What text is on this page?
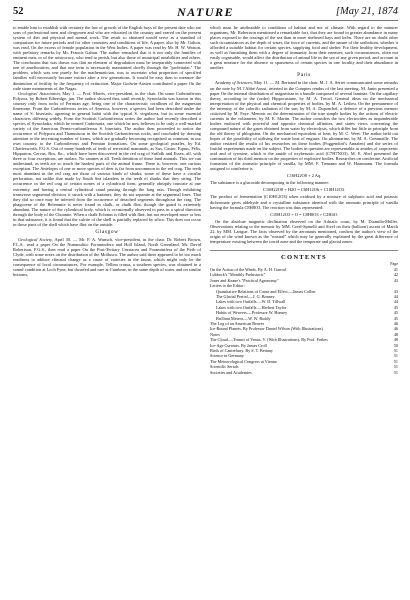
52	NATURE	[May 21, 1874

to enable him to establish with certainty the law of growth of the English boys of the present date who are sons of professional men and clergymen and who are educated in the country and reared on the present system of diet and physical and mental work. The result so obtained would serve as a standard of comparison for future periods and for other countries and conditions of life. A paper, also by Mr. Galton, was read, On the excess of female population in the West Indies. A paper was read by Mr. H. W. Watson, with prefatory remarks by Mr. Francis Galton. The author remarked that it is not only the families of eminent men, or of the aristocracy, who tend to perish, but also those of municipal notabilities and others. The conclusion that was drawn was that an element of degradation must be inseparably connected with one of amelioration, and that one term is necessarily maintained chiefly through the "proletariat." The problem, which was one purely for the mathematician, was to ascertain what proportion of specified families will necessarily become extinct after a few generations. It would be easy then to measure the diminution of fertility by the frequency of extinction. Major Godwin-Austen contributed a paper On the rude stone monuments of the Nagas.

Geologists' Association, May 1. — Prof. Morris, vice-president, in the chair. On some Carboniferous Polyzoa, by Robert Etheridge, jun. The author showed that, until recently, Synocladia was known in this country only from rocks of Permian age, being one of the characteristic corallines of the magnesian limestone. From the Carboniferous series of America, however, a species had been described under the name of S. biseriaiis, agreeing in general habit with the typical S. virgulacea, but in some essential characters differing widely. From the Scottish Carboniferous series the author had recently described a species of Synocladia, which he termed Carbonaria, one which he now believes to be only a well-marked variety of the American Permo-carboniferous S. biseriaiis. The author then proceeded to notice the occurrence of Polypora and Thamniscus in the Scottish Carboniferous rocks, and concluded by drawing attention to the increasing number of forms, which are gradually becoming recognised as common, in our own country, to the Carboniferous and Permian formations. On some geological puzzles, by Ed. Charlesworth, F.G.S. Out of many hundreds of teeth of terrestrial mammals, as Sus, Castor, Equus, Felis, Hipparion, Cervus, Bos, &c., which have been discovered in the red crag of Suffolk and Essex, all, with three or four exceptions, are molars. No canines at all. Teeth dentition of these land animals. This we can understand, as teeth are so much the hardest parts of the animal frame. There is, however, one curious exception. The Antelopes of one or more species of deer is far from uncommon in the red crag. The teeth most abundant in the red crag are those of various kinds of sharks; some of these have a circular perforation, not unlike that made by South Sea islanders in the teeth of sharks that they string. The occurrence in the red crag of certain stones of a cylindrical form, generally abruptly truncate at one extremity, and having a central cylindrical canal passing through the long axis. Though exhibiting transverse segmental division, it struck with a hammer, they do not separate at the segmental lines. That they did so once may be inferred from the occurrence of detached segments throughout the crag. The phagocene of the Belemnite is never found in chalk, or chalk flint, though the guard is extremely abundant. The nature of the cylindrical body, which is occasionally observed to pass in a spiral direction through the body of the Choanite. When a chalk Echinus is filled with flint, but not enveloped more or less in that substance, it is found that the calcite of the shell is partially replaced by silica. This does not occur in those parts of the shell which have flint on the outside.

Glasgow

Geological Society, April 30. — Mr. F. A. Wunsch, vice-president, in the chair. Dr. Robert Brown, F.L.S., read a paper On the Nummulitic Foraminifera and Holl Island, North Greenland. Mr. David Robertson, F.G.S., then read a paper On the Post-Tertiary Crustacea and Foraminifera of the Firth of Clyde, with some notes on the distribution of the Mollusca. The author said there appeared to be too much readiness to adduce climatal change as a cause of varieties in the fauna, which might only be the consequence of local circumstances. For example, Tellina crassa, a southern species, was obtained in a sound condition at Loch Fyne, but dwarfed and rare at Cumbrae, in the same depth of water and on similar bottoms,

which must be attributable to conditions of habitat and not of climate. With regard to the minuter organisms, Mr. Robertson mentioned a remarkable fact, that they are found in greater abundance in many places exposed to the tossings of the sea than in more sheltered bays and lochs. There are no doubt other such circumstances as the depth of water, the force of currents, and the nature of the seabottom, whether it afforded a suitable habitat for certain species, supplying food and shelter. For their healthy development, as well as furnishing them with a degree of immunity from their enemies, such circumstances, often not easily cognisable, would affect the distribution of animal life in the sea of any given period, and account in a great measure for the absence or sparseness of certain species in one locality and their abundance in another.

Paris

Academy of Sciences, May 11. — M. Bertrand in the chair. M. J. A. Serret communicated some remarks on the note by M. l'Abbé Aoust, inserted in the Comptes rendus of the last meeting. M. Janin presented a paper On the internal distribution of magnetism in a bundle composed of several laminae. On the capillary theory according to the (order) Hippocastane, by M. A. Trecul. General ideas on the mechanical interpretation of the physical and chemical properties of bodies, by M. A. Ledieu. On the permanence of the intensity of the calorific radiation of the sun, by M. A. Duponchel, a defence of a previous memoir criticised by M. Faye. Memoir on the determination of the true simple bodies by the actions of electric currents in the voltameter, by M. E. Martin. The author considers the two electricities as imponderable bodies endowed with powerful and opposite chemical affinities, and states views concerning the compound nature of the gases obtained from water by electrolysis, which differ but little in principle from the old theory of phlogiston. On the mechanical equivalent of heat, by M. C. Weet. The author held out hopes of the possibility of utilising the waste heat of engines. On ultramarine, by M. A. Commaille. The author restated the results of his researches on these bodies (Poggendorf's Annalen) and the series of fruitful experiments made on the subject. The bodies in question are representable as amides of carpoxenic acid and of tyrosine, which is the amide of oxybenzoic acid (C7H7NO3). M. E. Abel presented the continuation of his third memoir on the properties of explosive bodies. Researches on coniferine. Artificial formation of the aromatic principle of vanilla, by MM. F. Tiemann and W. Haarmann. The formula assigned to coniferine is

C16H22O8 + 2 Aq.

The substance is a glucoside decomposing in the following manner:

C16H22O8 + H2O = C6H12O6 + C10H12O3.

The product of fermentation (C10H12O3) when oxidised by a mixture of sulphuric acid and potassic dichromate gives aldehyde and a crystalline substance identical with the aromatic principle of vanilla having the formula C8H8O3. The reaction was thus represented:

C10H12O3 + O = C8H8O3 + C2H4O.

On the absolute magnetic declination observed on the Adriatic coast, by M. Diamilla-Müller. Observations relating to the memoir by MM. Creel-Spinelli and Sivel on their (balloon) ascent of March 22, by MM. Larigue. The facts observed by the aeronauts mentioned, confirm the author's view of the origin of the wind known as the "mistral" which may be generally explained by the great difference of temperature existing between the torrid zone and the temperate and glacial zones.

CONTENTS
Page
On the Action of the Winds. By A. H. Garrod	41
Lubbock's "Monthly Prehistoric"	42
Jones and Keane's "Practical Agronomy"	43
Letters to the Editor:
Quantitative Relations of Cause and Effect.—James Collier	43
The Glacial Period.—J. G. Bonney	44
Lakes with two Outfalls.—W. D. Tillwall	44
Lakes with two Outfalls.—Herbert Taylor	45
Habits of Weavers.—Professor W. Hunsey	45
Brilliant Meteor.—W. W. Boddy	45
The Log of an American Beaver	46
Ice-Bound Planets. By Professor Daniel Wilson (With Illustrations)	46
Notes	48
The Cloud.—Transit of Venus, V. (With Illustrations). By Prof. Forbes	49
Ice-Age Currents. By James Croll	50
Birds of Canterbury. By S. T. Bettany	51
Science in Germany	51
The Meteorological Congress at Vienna	51
Scientific Serials	51
Societies and Academies	51
